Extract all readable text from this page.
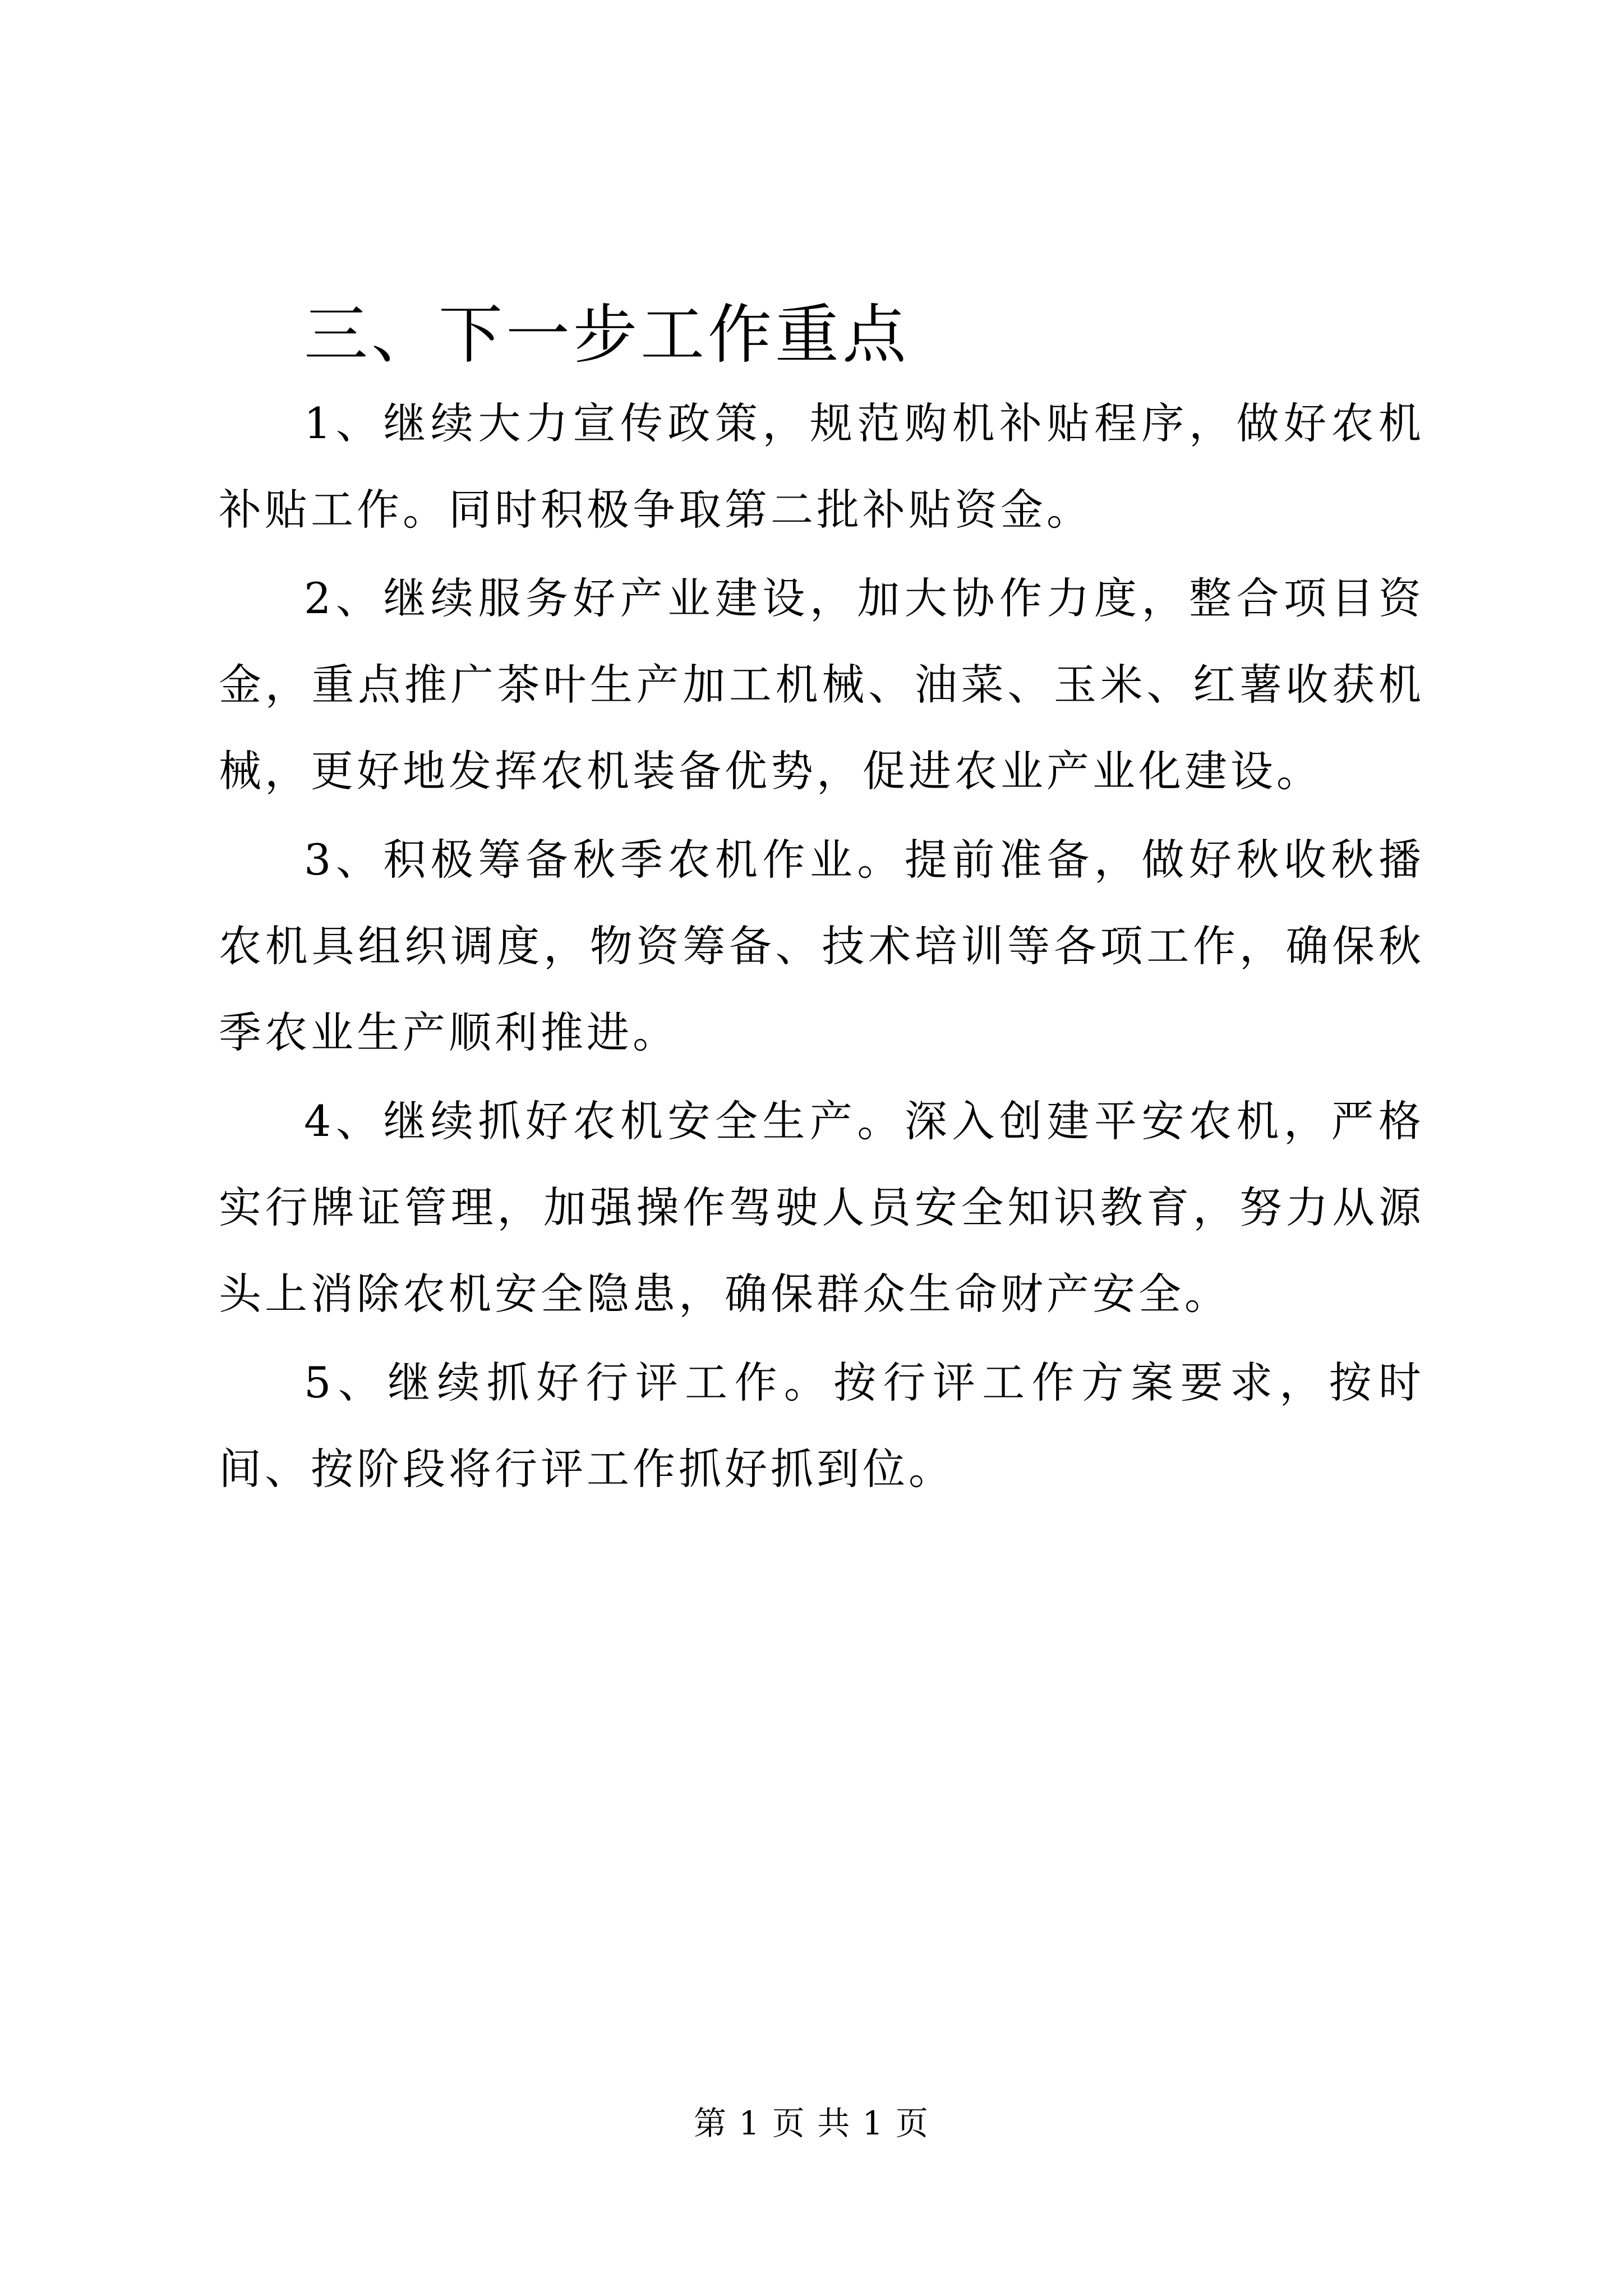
三、下一步工作重点

1、继续大力宣传政策，规范购机补贴程序，做好农机补贴工作。同时积极争取第二批补贴资金。

2、继续服务好产业建设，加大协作力度，整合项目资金，重点推广茶叶生产加工机械、油菜、玉米、红薯收获机械，更好地发挥农机装备优势，促进农业产业化建设。

3、积极筹备秋季农机作业。提前准备，做好秋收秋播农机具组织调度，物资筹备、技术培训等各项工作，确保秋季农业生产顺利推进。

4、继续抓好农机安全生产。深入创建平安农机，严格实行牌证管理，加强操作驾驶人员安全知识教育，努力从源头上消除农机安全隐患，确保群众生命财产安全。

5、继续抓好行评工作。按行评工作方案要求，按时间、按阶段将行评工作抓好抓到位。

第 1 页 共 1 页
